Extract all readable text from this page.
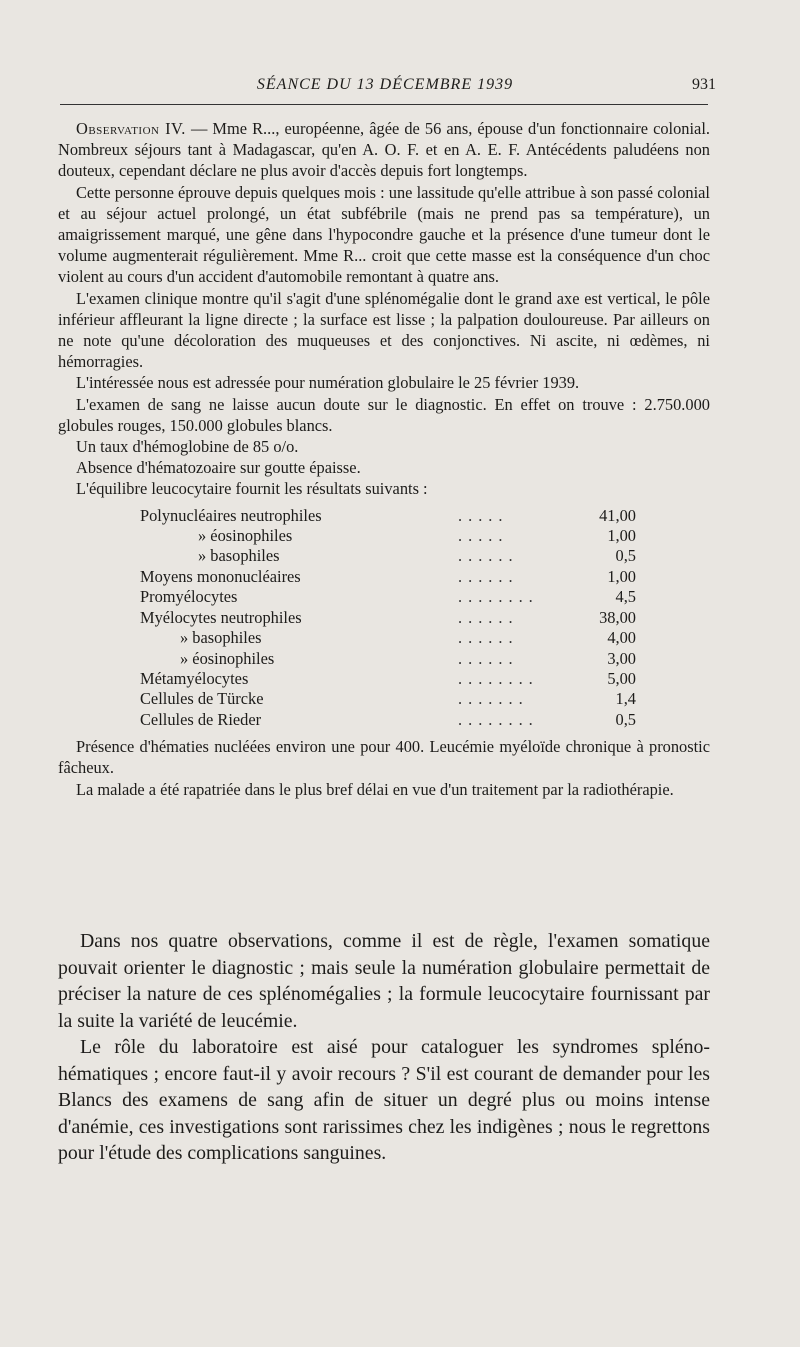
SÉANCE DU 13 DÉCEMBRE 1939	931

Observation IV. — Mme R..., européenne, âgée de 56 ans, épouse d'un fonctionnaire colonial. Nombreux séjours tant à Madagascar, qu'en A. O. F. et en A. E. F. Antécédents paludéens non douteux, cependant déclare ne plus avoir d'accès depuis fort longtemps.

Cette personne éprouve depuis quelques mois : une lassitude qu'elle attribue à son passé colonial et au séjour actuel prolongé, un état subfébrile (mais ne prend pas sa température), un amaigrissement marqué, une gêne dans l'hypocondre gauche et la présence d'une tumeur dont le volume augmenterait régulièrement. Mme R... croit que cette masse est la conséquence d'un choc violent au cours d'un accident d'automobile remontant à quatre ans.

L'examen clinique montre qu'il s'agit d'une splénomégalie dont le grand axe est vertical, le pôle inférieur affleurant la ligne directe ; la surface est lisse ; la palpation douloureuse. Par ailleurs on ne note qu'une décoloration des muqueuses et des conjonctives. Ni ascite, ni œdèmes, ni hémorragies.

L'intéressée nous est adressée pour numération globulaire le 25 février 1939.

L'examen de sang ne laisse aucun doute sur le diagnostic. En effet on trouve : 2.750.000 globules rouges, 150.000 globules blancs.

Un taux d'hémoglobine de 85 o/o.

Absence d'hématozoaire sur goutte épaisse.

L'équilibre leucocytaire fournit les résultats suivants :

Polynucléaires neutrophiles	.....	41,00
» éosinophiles	.....	1,00
» basophiles	......	0,5
Moyens mononucléaires	......	1,00
Promyélocytes	........	4,5
Myélocytes neutrophiles	......	38,00
» basophiles	......	4,00
» éosinophiles	......	3,00
Métamyélocytes	........	5,00
Cellules de Türcke	.......	1,4
Cellules de Rieder	........	0,5

Présence d'hématies nucléées environ une pour 400. Leucémie myéloïde chronique à pronostic fâcheux.

La malade a été rapatriée dans le plus bref délai en vue d'un traitement par la radiothérapie.

Dans nos quatre observations, comme il est de règle, l'examen somatique pouvait orienter le diagnostic ; mais seule la numération globulaire permettait de préciser la nature de ces splénomégalies ; la formule leucocytaire fournissant par la suite la variété de leucémie.

Le rôle du laboratoire est aisé pour cataloguer les syndromes spléno-hématiques ; encore faut-il y avoir recours ? S'il est courant de demander pour les Blancs des examens de sang afin de situer un degré plus ou moins intense d'anémie, ces investigations sont rarissimes chez les indigènes ; nous le regrettons pour l'étude des complications sanguines.
